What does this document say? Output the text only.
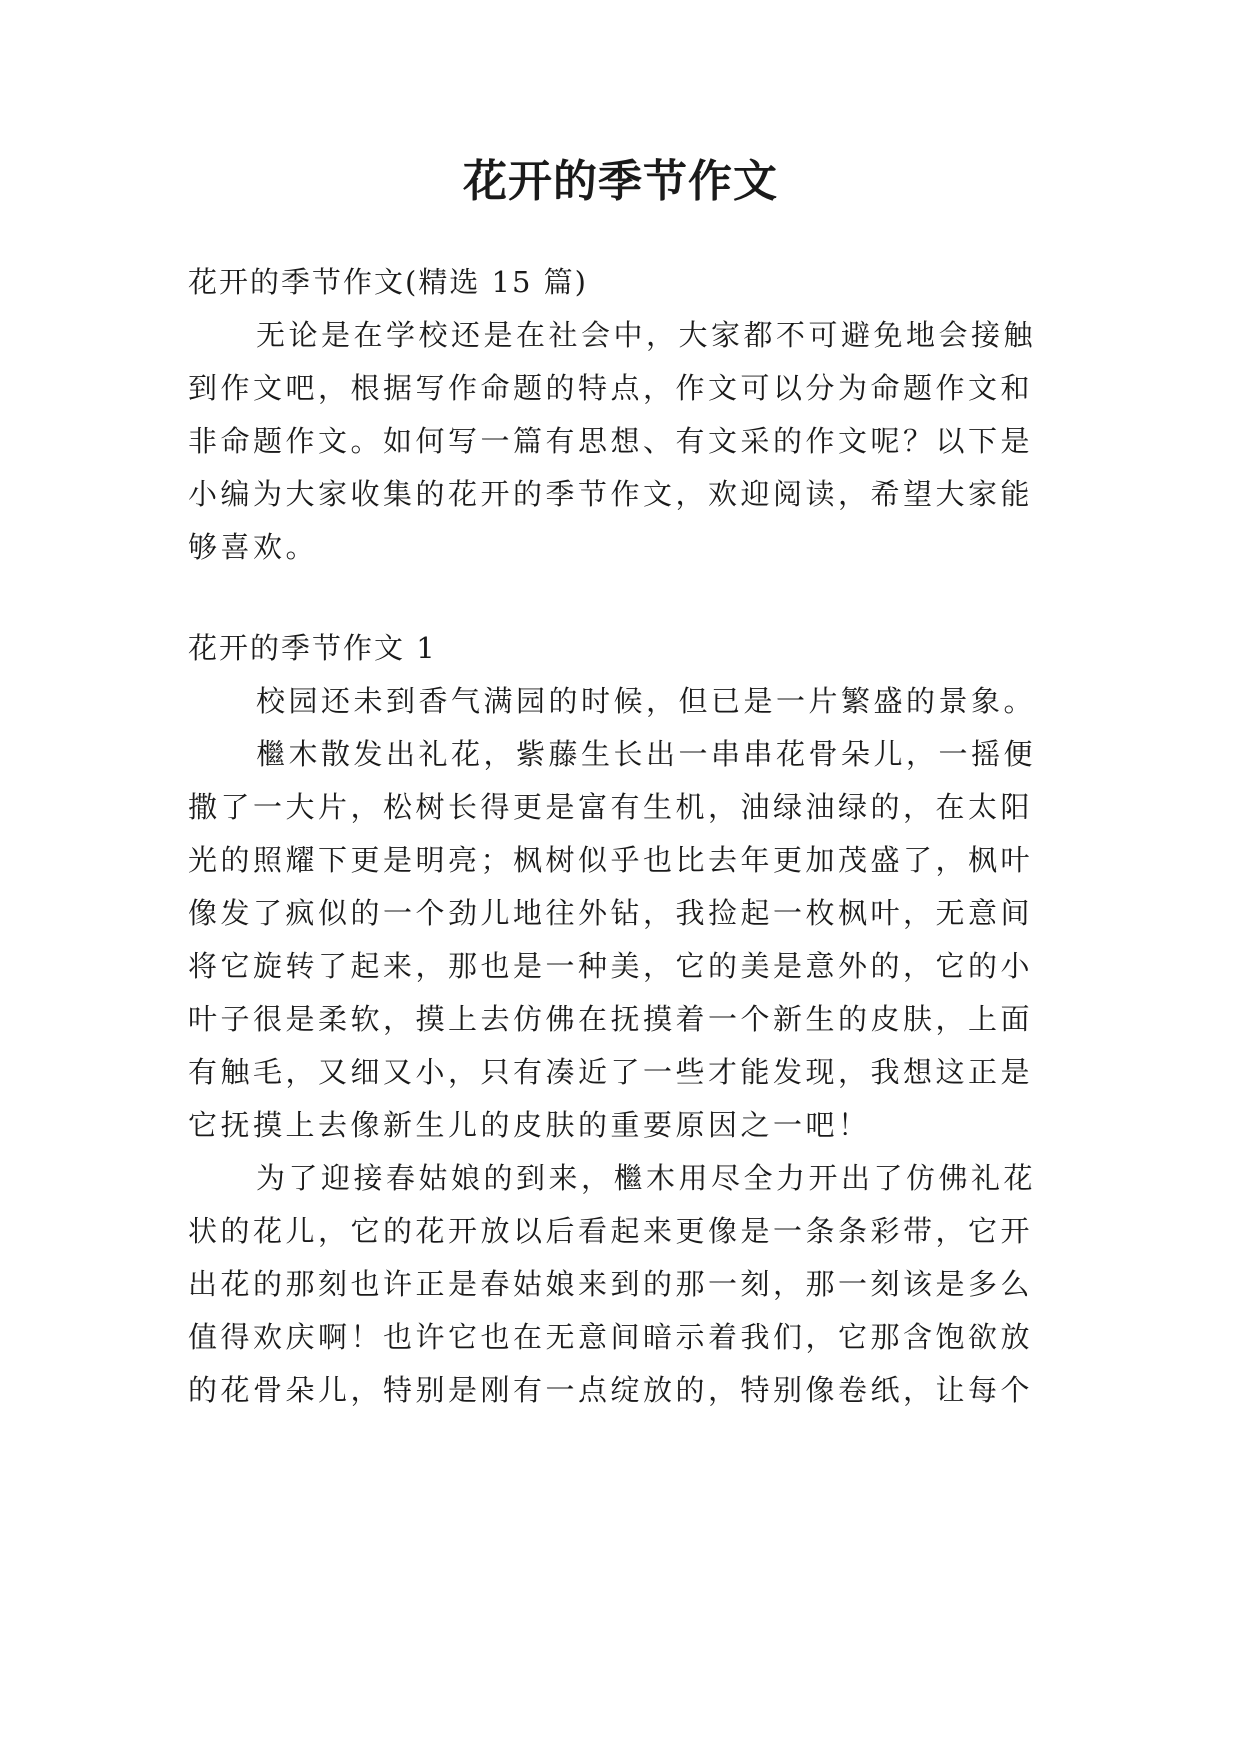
花开的季节作文

花开的季节作文(精选 15 篇)

无论是在学校还是在社会中，大家都不可避免地会接触

到作文吧，根据写作命题的特点，作文可以分为命题作文和

非命题作文。如何写一篇有思想、有文采的作文呢？以下是

小编为大家收集的花开的季节作文，欢迎阅读，希望大家能

够喜欢。

花开的季节作文 1

校园还未到香气满园的时候，但已是一片繁盛的景象。

檵木散发出礼花，紫藤生长出一串串花骨朵儿，一摇便

撒了一大片，松树长得更是富有生机，油绿油绿的，在太阳

光的照耀下更是明亮；枫树似乎也比去年更加茂盛了，枫叶

像发了疯似的一个劲儿地往外钻，我捡起一枚枫叶，无意间

将它旋转了起来，那也是一种美，它的美是意外的，它的小

叶子很是柔软，摸上去仿佛在抚摸着一个新生的皮肤，上面

有触毛，又细又小，只有凑近了一些才能发现，我想这正是

它抚摸上去像新生儿的皮肤的重要原因之一吧！

为了迎接春姑娘的到来，檵木用尽全力开出了仿佛礼花

状的花儿，它的花开放以后看起来更像是一条条彩带，它开

出花的那刻也许正是春姑娘来到的那一刻，那一刻该是多么

值得欢庆啊！也许它也在无意间暗示着我们，它那含饱欲放

的花骨朵儿，特别是刚有一点绽放的，特别像卷纸，让每个
